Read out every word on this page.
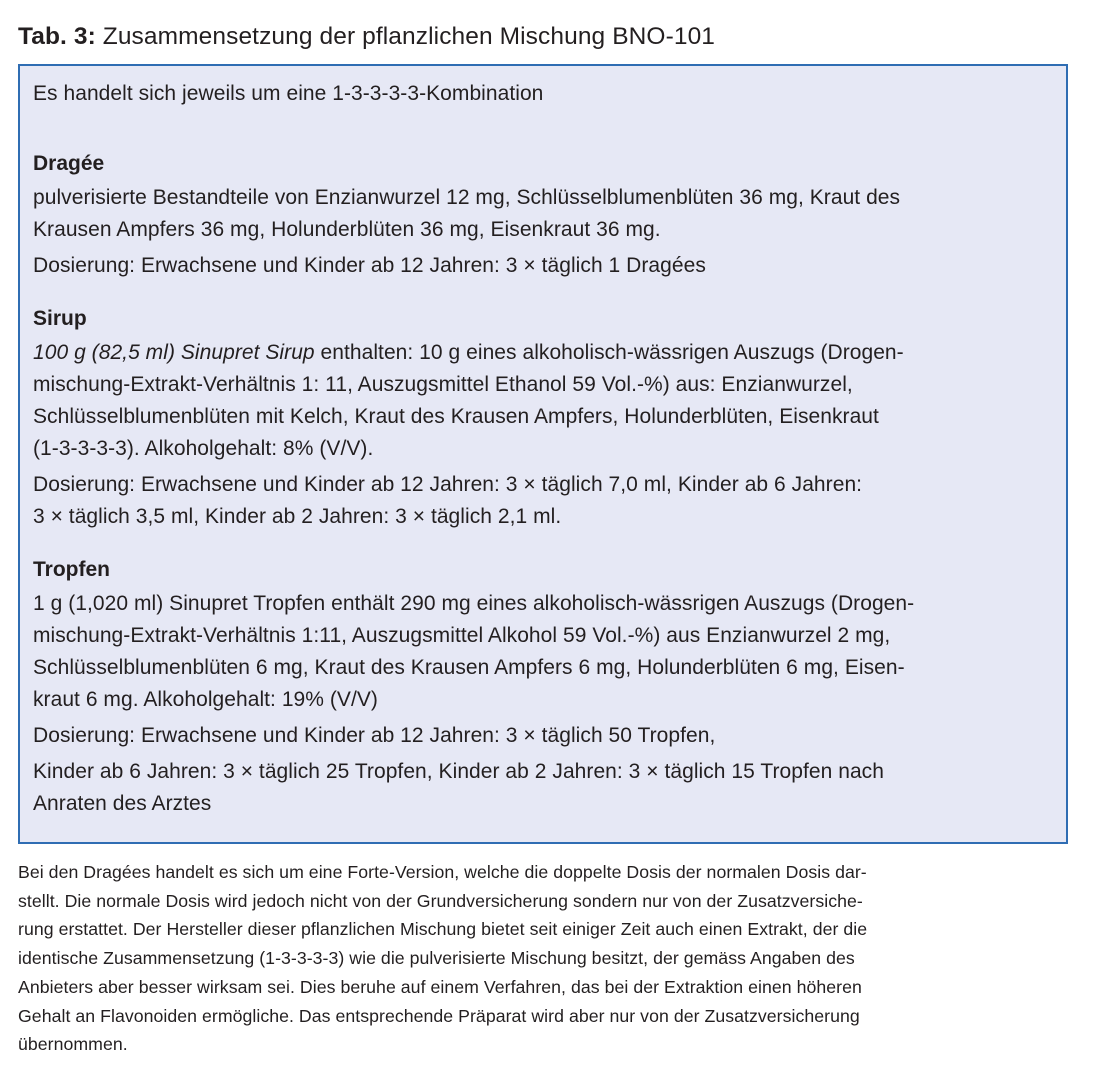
Tab. 3: Zusammensetzung der pflanzlichen Mischung BNO-101
Es handelt sich jeweils um eine 1-3-3-3-3-Kombination
Dragée
pulverisierte Bestandteile von Enzianwurzel 12 mg, Schlüsselblumenblüten 36 mg, Kraut des
Krausen Ampfers 36 mg, Holunderblüten 36 mg, Eisenkraut 36 mg.
Dosierung: Erwachsene und Kinder ab 12 Jahren: 3 × täglich 1 Dragées
Sirup
100 g (82,5 ml) Sinupret Sirup enthalten: 10 g eines alkoholisch-wässrigen Auszugs (Drogen-
mischung-Extrakt-Verhältnis 1: 11, Auszugsmittel Ethanol 59 Vol.-%) aus: Enzianwurzel,
Schlüsselblumenblüten mit Kelch, Kraut des Krausen Ampfers, Holunderblüten, Eisenkraut
(1-3-3-3-3). Alkoholgehalt: 8% (V/V).
Dosierung: Erwachsene und Kinder ab 12 Jahren: 3 × täglich 7,0 ml, Kinder ab 6 Jahren:
3 × täglich 3,5 ml, Kinder ab 2 Jahren: 3 × täglich 2,1 ml.
Tropfen
1 g (1,020 ml) Sinupret Tropfen enthält 290 mg eines alkoholisch-wässrigen Auszugs (Drogen-
mischung-Extrakt-Verhältnis 1:11, Auszugsmittel Alkohol 59 Vol.-%) aus Enzianwurzel 2 mg,
Schlüsselblumenblüten 6 mg, Kraut des Krausen Ampfers 6 mg, Holunderblüten 6 mg, Eisen-
kraut 6 mg. Alkoholgehalt: 19% (V/V)
Dosierung: Erwachsene und Kinder ab 12 Jahren: 3 × täglich 50 Tropfen,
Kinder ab 6 Jahren: 3 × täglich 25 Tropfen, Kinder ab 2 Jahren: 3 × täglich 15 Tropfen nach
Anraten des Arztes
Bei den Dragées handelt es sich um eine Forte-Version, welche die doppelte Dosis der normalen Dosis dar-
stellt. Die normale Dosis wird jedoch nicht von der Grundversicherung sondern nur von der Zusatzversiche-
rung erstattet. Der Hersteller dieser pflanzlichen Mischung bietet seit einiger Zeit auch einen Extrakt, der die
identische Zusammensetzung (1-3-3-3-3) wie die pulverisierte Mischung besitzt, der gemäss Angaben des
Anbieters aber besser wirksam sei. Dies beruhe auf einem Verfahren, das bei der Extraktion einen höheren
Gehalt an Flavonoiden ermögliche. Das entsprechende Präparat wird aber nur von der Zusatzversicherung
übernommen.
